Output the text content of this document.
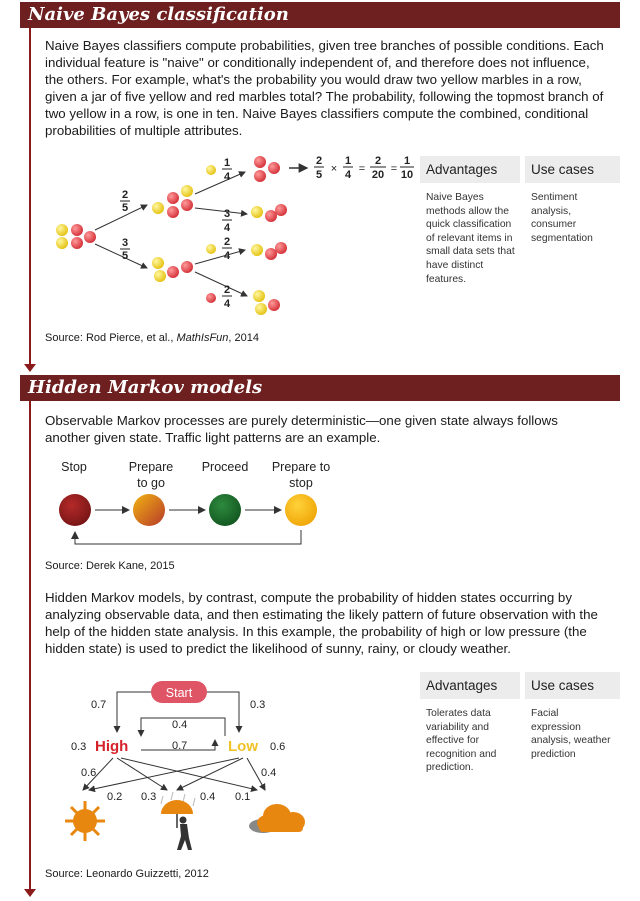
Naive Bayes classification

Naive Bayes classifiers compute probabilities, given tree branches of possible conditions. Each individual feature is "naive" or conditionally independent of, and therefore does not influence, the others. For example, what's the probability you would draw two yellow marbles in a row, given a jar of five yellow and red marbles total? The probability, following the topmost branch of two yellow in a row, is one in ten. Naive Bayes classifiers compute the combined, conditional probabilities of multiple attributes.

2
5
3
5
1
4
3
4
2
4
2
4
2
5 ×
1
4 =
2
20 =
1
10 Advantages	Use cases

Naive Bayes methods allow the quick classification of relevant items in small data sets that have distinct features.

Sentiment analysis, consumer segmentation

Source: Rod Pierce, et al., MathIsFun, 2014

Hidden Markov models

Observable Markov processes are purely deterministic—one given state always follows another given state. Traffic light patterns are an example.

Stop	Prepare to go
Proceed	Prepare to stop

Source: Derek Kane, 2015

Hidden Markov models, by contrast, compute the probability of hidden states occurring by analyzing observable data, and then estimating the likely pattern of future observation with the help of the hidden state analysis. In this example, the probability of high or low pressure (the hidden state) is used to predict the likelihood of sunny, rainy, or cloudy weather.

Start
0.7	0.3
0.4
0.7
High	Low
0.3	0.6
0.6	0.4
0.2 0.3	0.4 0.1
Advantages	Use cases

Tolerates data variability and effective for recognition and prediction.

Facial expression analysis, weather prediction

Source: Leonardo Guizzetti, 2012
